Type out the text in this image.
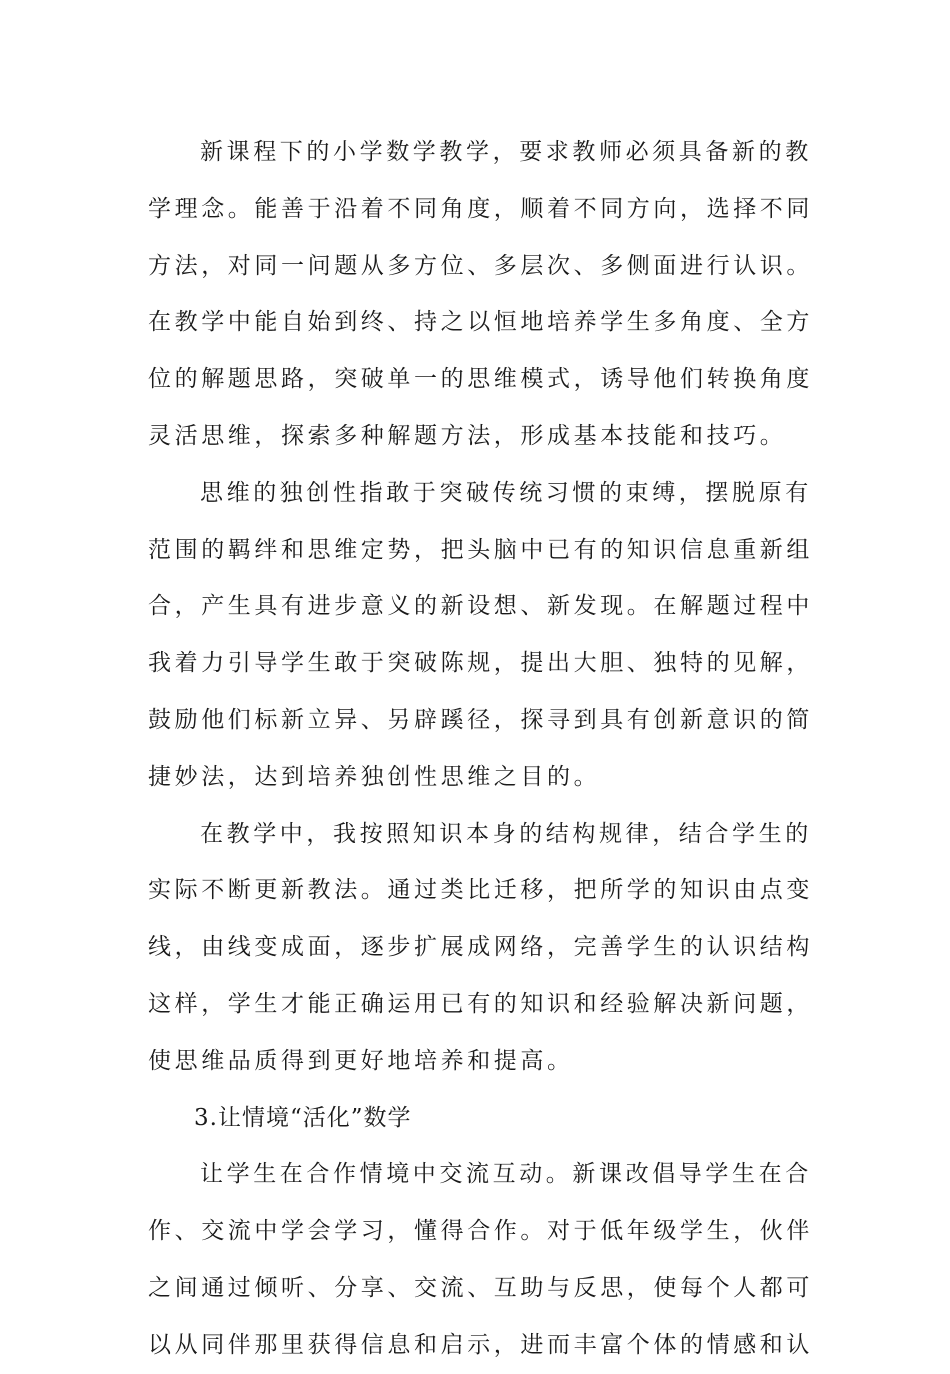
新课程下的小学数学教学，要求教师必须具备新的教
学理念。能善于沿着不同角度，顺着不同方向，选择不同
方法，对同一问题从多方位、多层次、多侧面进行认识。
在教学中能自始到终、持之以恒地培养学生多角度、全方
位的解题思路，突破单一的思维模式，诱导他们转换角度
灵活思维，探索多种解题方法，形成基本技能和技巧。
思维的独创性指敢于突破传统习惯的束缚，摆脱原有
范围的羁绊和思维定势，把头脑中已有的知识信息重新组
合，产生具有进步意义的新设想、新发现。在解题过程中
我着力引导学生敢于突破陈规，提出大胆、独特的见解，
鼓励他们标新立异、另辟蹊径，探寻到具有创新意识的简
捷妙法，达到培养独创性思维之目的。
在教学中，我按照知识本身的结构规律，结合学生的
实际不断更新教法。通过类比迁移，把所学的知识由点变
线，由线变成面，逐步扩展成网络，完善学生的认识结构
这样，学生才能正确运用已有的知识和经验解决新问题，
使思维品质得到更好地培养和提高。
3.让情境“活化”数学
让学生在合作情境中交流互动。新课改倡导学生在合
作、交流中学会学习，懂得合作。对于低年级学生，伙伴
之间通过倾听、分享、交流、互助与反思，使每个人都可
以从同伴那里获得信息和启示，进而丰富个体的情感和认
